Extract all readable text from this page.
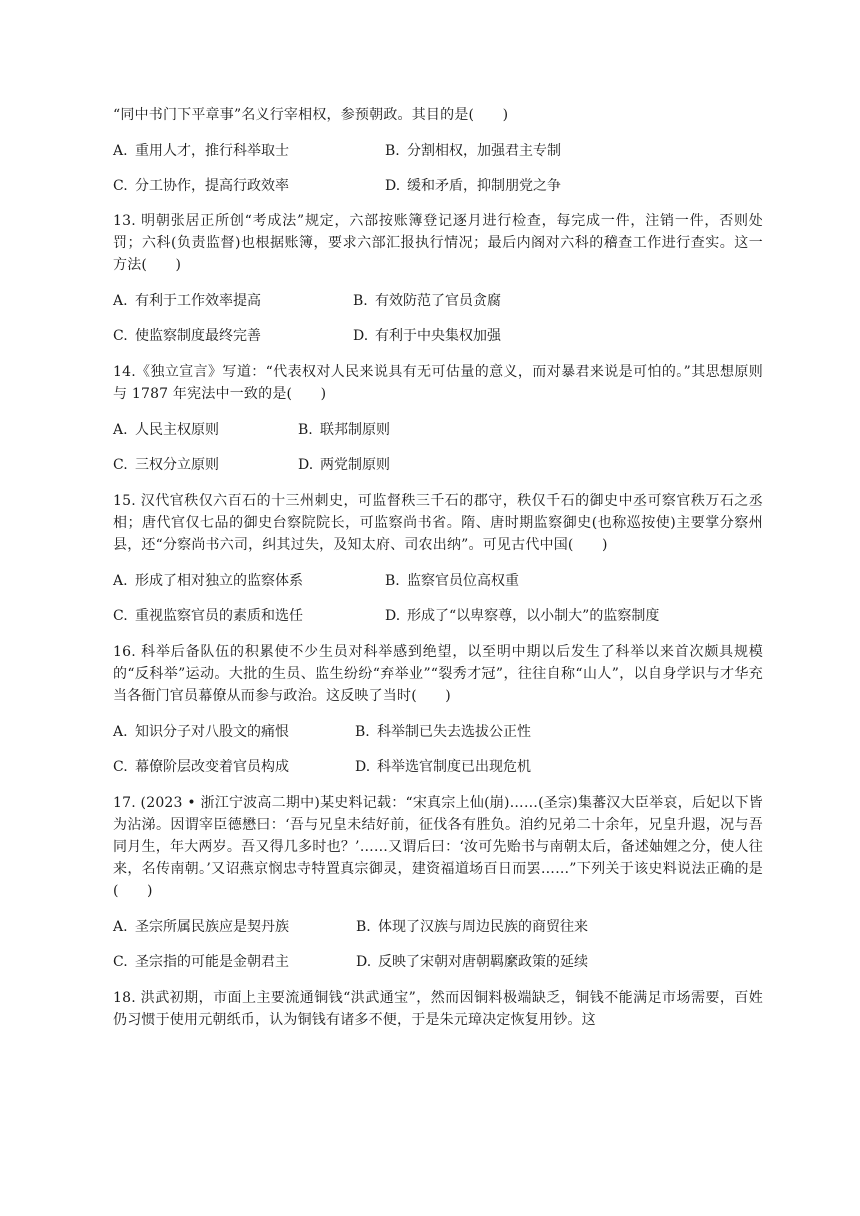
“同中书门下平章事”名义行宰相权，参预朝政。其目的是(　　)

A. 重用人才，推行科举取士	B. 分割相权，加强君主专制
C. 分工协作，提高行政效率	D. 缓和矛盾，抑制朋党之争

13. 明朝张居正所创“考成法”规定，六部按账簿登记逐月进行检查，每完成一件，注销一件，否则处罚；六科(负责监督)也根据账簿，要求六部汇报执行情况；最后内阁对六科的稽查工作进行查实。这一方法(　　)

A. 有利于工作效率提高	B. 有效防范了官员贪腐
C. 使监察制度最终完善	D. 有利于中央集权加强

14.《独立宣言》写道：“代表权对人民来说具有无可估量的意义，而对暴君来说是可怕的。”其思想原则与 1787 年宪法中一致的是(　　)

A. 人民主权原则	B. 联邦制原则
C. 三权分立原则	D. 两党制原则

15. 汉代官秩仅六百石的十三州刺史，可监督秩三千石的郡守，秩仅千石的御史中丞可察官秩万石之丞相；唐代官仅七品的御史台察院院长，可监察尚书省。隋、唐时期监察御史(也称巡按使)主要掌分察州县，还“分察尚书六司，纠其过失，及知太府、司农出纳”。可见古代中国(　　)

A. 形成了相对独立的监察体系	B. 监察官员位高权重
C. 重视监察官员的素质和选任	D. 形成了“以卑察尊，以小制大”的监察制度

16. 科举后备队伍的积累使不少生员对科举感到绝望，以至明中期以后发生了科举以来首次颇具规模的“反科举”运动。大批的生员、监生纷纷“弃举业”“裂秀才冠”，往往自称“山人”，以自身学识与才华充当各衙门官员幕僚从而参与政治。这反映了当时(　　)

A. 知识分子对八股文的痛恨	B. 科举制已失去选拔公正性
C. 幕僚阶层改变着官员构成	D. 科举选官制度已出现危机

17. (2023 • 浙江宁波高二期中)某史料记载：“宋真宗上仙(崩)……(圣宗)集蕃汉大臣举哀，后妃以下皆为沾涕。因谓宰臣德懋曰：‘吾与兄皇未结好前，征伐各有胜负。洎约兄弟二十余年，兄皇升遐，况与吾同月生，年大两岁。吾又得几多时也？’……又谓后曰：‘汝可先贻书与南朝太后，备述妯娌之分，使人往来，名传南朝。’又诏燕京悯忠寺特置真宗御灵，建资福道场百日而罢……”下列关于该史料说法正确的是(　　)

A. 圣宗所属民族应是契丹族	B. 体现了汉族与周边民族的商贸往来
C. 圣宗指的可能是金朝君主	D. 反映了宋朝对唐朝羁縻政策的延续

18. 洪武初期，市面上主要流通铜钱“洪武通宝”，然而因铜料极端缺乏，铜钱不能满足市场需要，百姓仍习惯于使用元朝纸币，认为铜钱有诸多不便，于是朱元璋决定恢复用钞。这
